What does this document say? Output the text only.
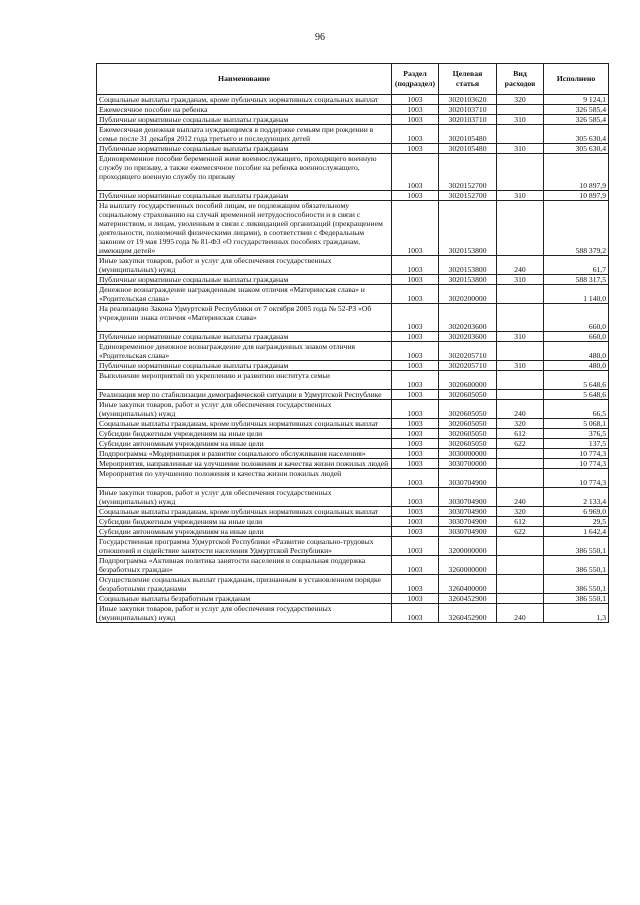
96
Наименование	Раздел (подраздел)	Целевая статья	Вид расходов	Исполнено
Социальные выплаты гражданам, кроме публичных нормативных социальных выплат	1003	3020103620	320	9 124,1
Ежемесячное пособие на ребенка	1003	3020103710		326 585,4
Публичные нормативные социальные выплаты гражданам	1003	3020103710	310	326 585,4
Ежемесячная денежная выплата нуждающимся в поддержке семьям при рождении в семье после 31 декабря 2012 года третьего и последующих детей	1003	3020105480		305 630,4
Публичные нормативные социальные выплаты гражданам	1003	3020105480	310	305 630,4
Единовременное пособие беременной жене военнослужащего, проходящего военную службу по призыву, а также ежемесячное пособие на ребенка военнослужащего, проходящего военную службу по призыву	1003	3020152700		10 897,9
Публичные нормативные социальные выплаты гражданам	1003	3020152700	310	10 897,9
На выплату государственных пособий лицам, не подлежащим обязательному социальному страхованию на случай временной нетрудоспособности и в связи с материнством, и лицам, уволенным в связи с ликвидацией организаций (прекращением деятельности, полномочий физическими лицами), в соответствии с Федеральным законом от 19 мая 1995 года № 81-ФЗ «О государственных пособиях гражданам, имеющим детей»	1003	3020153800		588 379,2
Иные закупки товаров, работ и услуг для обеспечения государственных (муниципальных) нужд	1003	3020153800	240	61,7
Публичные нормативные социальные выплаты гражданам	1003	3020153800	310	588 317,5
Денежное вознаграждение награжденным знаком отличия «Материнская слава» и «Родительская слава»	1003	3020200000		1 140,0
На реализацию Закона Удмуртской Республики от 7 октября 2005 года № 52-РЗ «Об учреждении знака отличия «Материнская слава»	1003	3020203600		660,0
Публичные нормативные социальные выплаты гражданам	1003	3020203600	310	660,0
Единовременное денежное вознаграждение для награжденных знаком отличия «Родительская слава»	1003	3020205710		480,0
Публичные нормативные социальные выплаты гражданам	1003	3020205710	310	480,0
Выполнение мероприятий по укреплению и развитию института семьи	1003	3020600000		5 648,6
Реализация мер по стабилизации демографической ситуации в Удмуртской Республике	1003	3020605050		5 648,6
Иные закупки товаров, работ и услуг для обеспечения государственных (муниципальных) нужд	1003	3020605050	240	66,5
Социальные выплаты гражданам, кроме публичных нормативных социальных выплат	1003	3020605050	320	5 068,1
Субсидии бюджетным учреждениям на иные цели	1003	3020605050	612	376,5
Субсидии автономным учреждениям на иные цели	1003	3020605050	622	137,5
Подпрограмма «Модернизация и развитие социального обслуживания населения»	1003	3030000000		10 774,3
Мероприятия, направленные на улучшение положения и качества жизни пожилых людей	1003	3030700000		10 774,3
Мероприятия по улучшению положения и качества жизни пожилых людей	1003	3030704900		10 774,3
Иные закупки товаров, работ и услуг для обеспечения государственных (муниципальных) нужд	1003	3030704900	240	2 133,4
Социальные выплаты гражданам, кроме публичных нормативных социальных выплат	1003	3030704900	320	6 969,0
Субсидии бюджетным учреждениям на иные цели	1003	3030704900	612	29,5
Субсидии автономным учреждениям на иные цели	1003	3030704900	622	1 642,4
Государственная программа Удмуртской Республики «Развитие социально-трудовых отношений и содействие занятости населения Удмуртской Республики»	1003	3200000000		386 550,1
Подпрограмма «Активная политика занятости населения и социальная поддержка безработных граждан»	1003	3260000000		386 550,1
Осуществление социальных выплат гражданам, признанным в установленном порядке безработными гражданами	1003	3260400000		386 550,1
Социальные выплаты безработным гражданам	1003	3260452900		386 550,1
Иные закупки товаров, работ и услуг для обеспечения государственных (муниципальных) нужд	1003	3260452900	240	1,3
